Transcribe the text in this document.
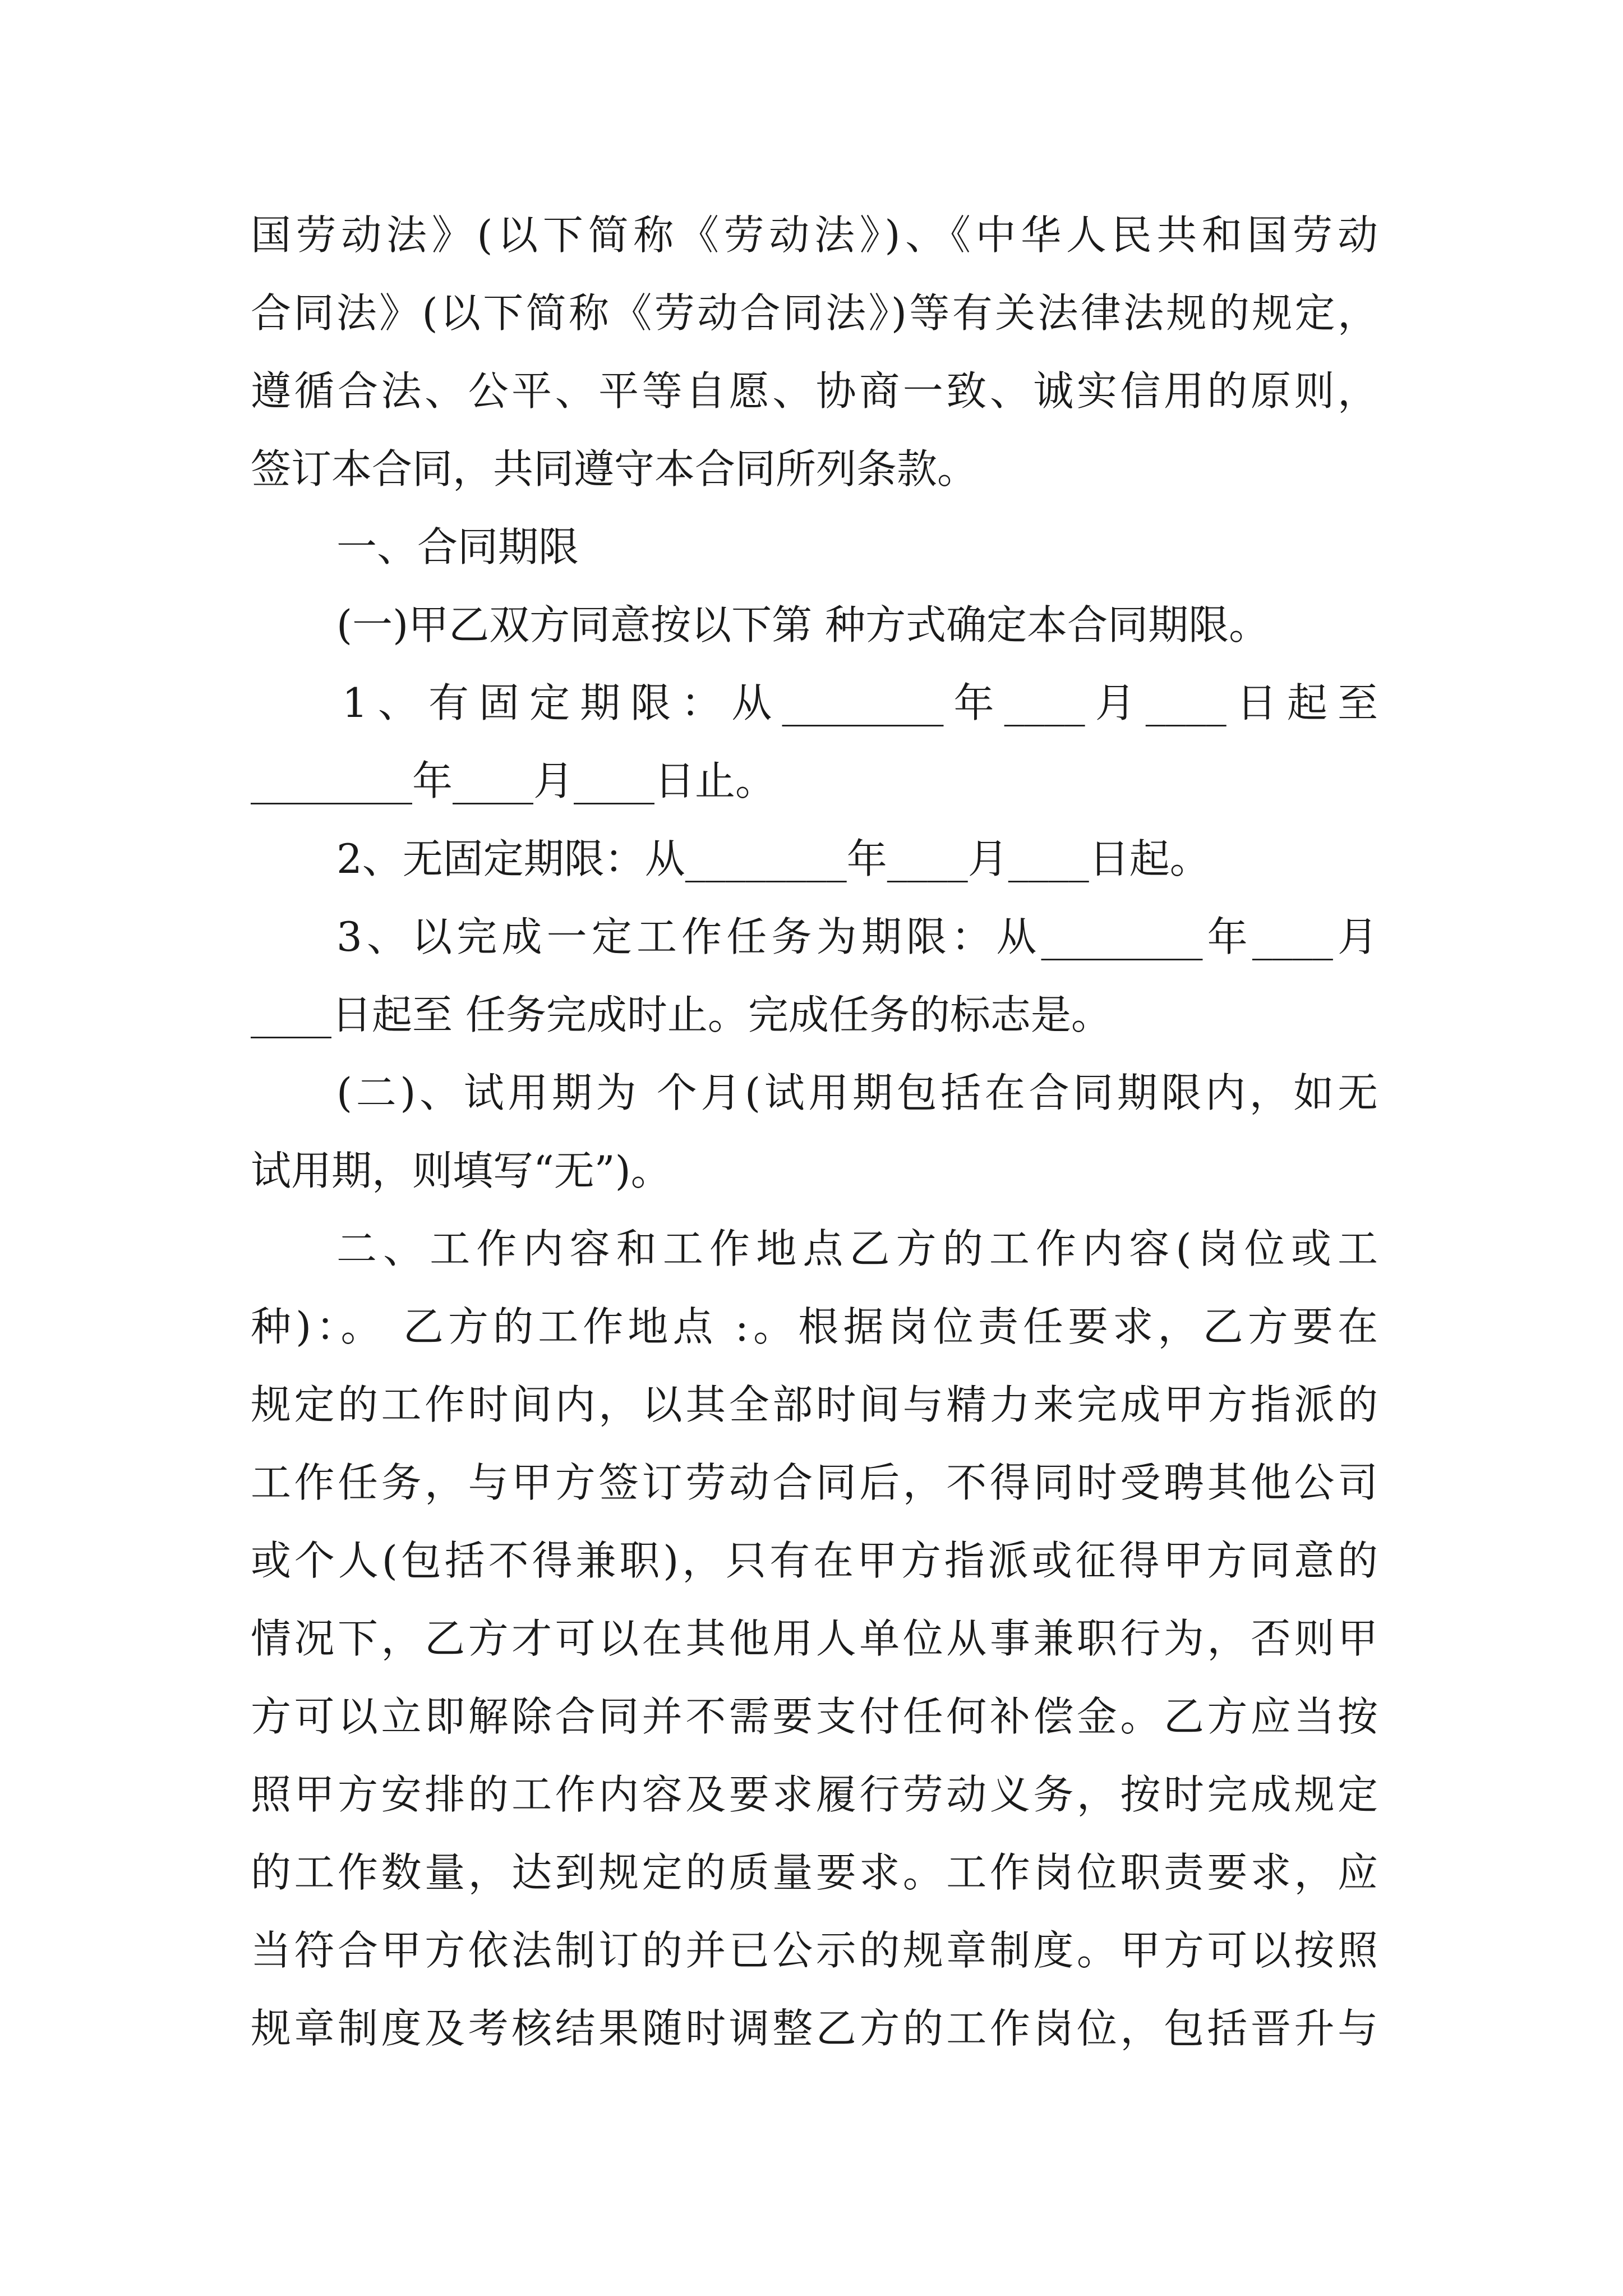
国劳动法》(以下简称《劳动法》)、《中华人民共和国劳动

合同法》(以下简称《劳动合同法》)等有关法律法规的规定，

遵循合法、公平、平等自愿、协商一致、诚实信用的原则，

签订本合同，共同遵守本合同所列条款。

一、合同期限

(一)甲乙双方同意按以下第 种方式确定本合同期限。

1、有固定期限：从________年____月____日起至

________年____月____日止。

2、无固定期限：从________年____月____日起。

3、以完成一定工作任务为期限：从________年____月

____日起至 任务完成时止。完成任务的标志是。

(二)、试用期为 个月(试用期包括在合同期限内，如无

试用期，则填写“无”)。

二、工作内容和工作地点乙方的工作内容(岗位或工

种)：。 乙方的工作地点 :。根据岗位责任要求，乙方要在

规定的工作时间内，以其全部时间与精力来完成甲方指派的

工作任务，与甲方签订劳动合同后，不得同时受聘其他公司

或个人(包括不得兼职)，只有在甲方指派或征得甲方同意的

情况下，乙方才可以在其他用人单位从事兼职行为，否则甲

方可以立即解除合同并不需要支付任何补偿金。乙方应当按

照甲方安排的工作内容及要求履行劳动义务，按时完成规定

的工作数量，达到规定的质量要求。工作岗位职责要求，应

当符合甲方依法制订的并已公示的规章制度。甲方可以按照

规章制度及考核结果随时调整乙方的工作岗位，包括晋升与
